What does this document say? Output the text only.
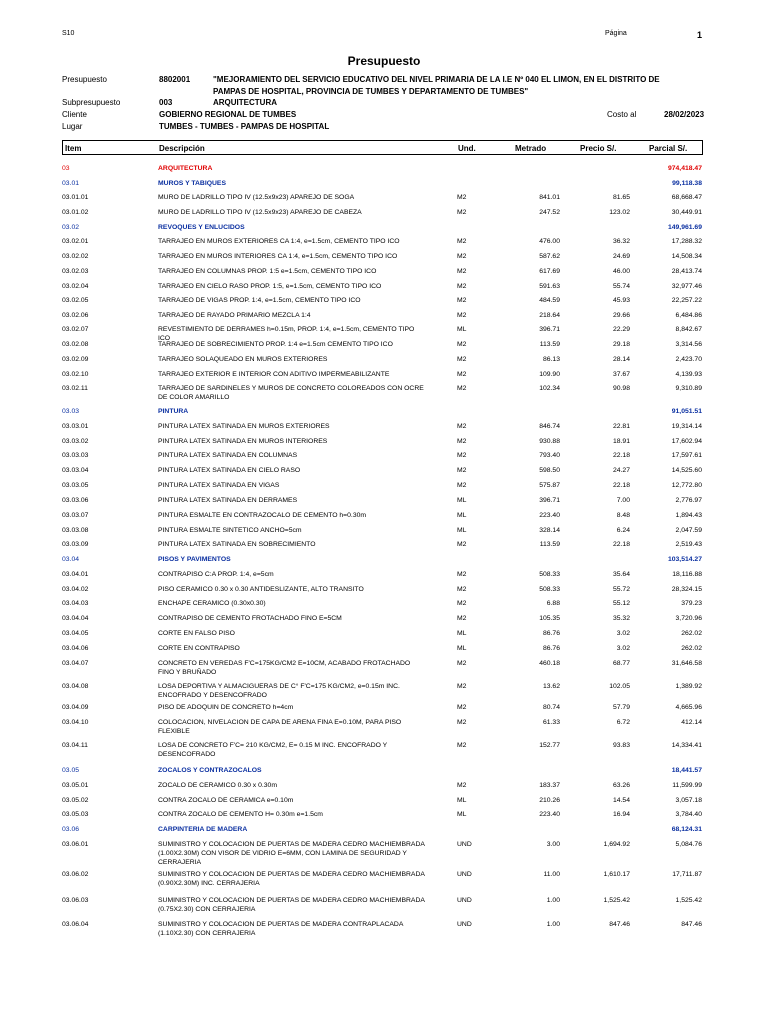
S10	Página	1
Presupuesto
Presupuesto	8802001	"MEJORAMIENTO DEL SERVICIO EDUCATIVO DEL NIVEL PRIMARIA DE LA I.E Nº 040 EL LIMON, EN EL DISTRITO DE
PAMPAS DE HOSPITAL, PROVINCIA DE TUMBES Y DEPARTAMENTO DE TUMBES"
Subpresupuesto	003	ARQUITECTURA
Cliente	GOBIERNO REGIONAL DE TUMBES	Costo al	28/02/2023
Lugar	TUMBES - TUMBES - PAMPAS DE HOSPITAL
Item	Descripción	Und.	Metrado	Precio S/.	Parcial S/.
03	ARQUITECTURA	974,418.47
03.01	MUROS Y TABIQUES	99,118.38
03.01.01	MURO DE LADRILLO TIPO IV (12.5x9x23) APAREJO DE SOGA	M2	841.01	81.65	68,668.47
03.01.02	MURO DE LADRILLO TIPO IV (12.5x9x23) APAREJO DE CABEZA	M2	247.52	123.02	30,449.91
03.02	REVOQUES Y ENLUCIDOS	149,961.69
03.02.01	TARRAJEO EN MUROS EXTERIORES CA 1:4, e=1.5cm, CEMENTO TIPO ICO	M2	476.00	36.32	17,288.32
03.02.02	TARRAJEO EN MUROS INTERIORES CA 1:4, e=1.5cm, CEMENTO TIPO ICO	M2	587.62	24.69	14,508.34
03.02.03	TARRAJEO EN COLUMNAS PROP. 1:5 e=1.5cm, CEMENTO TIPO ICO	M2	617.69	46.00	28,413.74
03.02.04	TARRAJEO EN CIELO RASO PROP. 1:5, e=1.5cm, CEMENTO TIPO ICO	M2	591.63	55.74	32,977.46
03.02.05	TARRAJEO DE VIGAS PROP. 1:4, e=1.5cm, CEMENTO TIPO ICO	M2	484.59	45.93	22,257.22
03.02.06	TARRAJEO DE RAYADO PRIMARIO MEZCLA 1:4	M2	218.64	29.66	6,484.86
03.02.07	REVESTIMIENTO DE DERRAMES h=0.15m, PROP. 1:4, e=1.5cm, CEMENTO TIPO ICO
ML	396.71	22.29	8,842.67
03.02.08	TARRAJEO DE SOBRECIMIENTO PROP. 1:4 e=1.5cm CEMENTO TIPO ICO	M2	113.59	29.18	3,314.56
03.02.09	TARRAJEO SOLAQUEADO EN MUROS EXTERIORES	M2	86.13	28.14	2,423.70
03.02.10	TARRAJEO EXTERIOR E INTERIOR CON ADITIVO IMPERMEABILIZANTE	M2	109.90	37.67	4,139.93
03.02.11	TARRAJEO DE SARDINELES Y MUROS DE CONCRETO COLOREADOS CON OCRE DE COLOR AMARILLO
M2	102.34	90.98	9,310.89
03.03	PINTURA	91,051.51
03.03.01	PINTURA LATEX SATINADA EN MUROS EXTERIORES	M2	846.74	22.81	19,314.14
03.03.02	PINTURA LATEX SATINADA EN MUROS INTERIORES	M2	930.88	18.91	17,602.94
03.03.03	PINTURA LATEX SATINADA EN COLUMNAS	M2	793.40	22.18	17,597.61
03.03.04	PINTURA LATEX SATINADA EN CIELO RASO	M2	598.50	24.27	14,525.60
03.03.05	PINTURA LATEX SATINADA EN VIGAS	M2	575.87	22.18	12,772.80
03.03.06	PINTURA LATEX SATINADA EN DERRAMES	ML	396.71	7.00	2,776.97
03.03.07	PINTURA ESMALTE EN CONTRAZOCALO DE CEMENTO h=0.30m	ML	223.40	8.48	1,894.43
03.03.08	PINTURA ESMALTE SINTETICO ANCHO=5cm	ML	328.14	6.24	2,047.59
03.03.09	PINTURA LATEX SATINADA EN SOBRECIMIENTO	M2	113.59	22.18	2,519.43
03.04	PISOS Y PAVIMENTOS	103,514.27
03.04.01	CONTRAPISO C:A PROP. 1:4, e=5cm	M2	508.33	35.64	18,116.88
03.04.02	PISO CERAMICO 0.30 x 0.30 ANTIDESLIZANTE, ALTO TRANSITO	M2	508.33	55.72	28,324.15
03.04.03	ENCHAPE CERAMICO (0.30x0.30)	M2	6.88	55.12	379.23
03.04.04	CONTRAPISO DE CEMENTO FROTACHADO FINO E=5CM	M2	105.35	35.32	3,720.96
03.04.05	CORTE EN FALSO PISO	ML	86.76	3.02	262.02
03.04.06	CORTE EN CONTRAPISO	ML	86.76	3.02	262.02
03.04.07	CONCRETO EN VEREDAS F'C=175KG/CM2 E=10CM, ACABADO FROTACHADO FINO Y BRUÑADO
M2	460.18	68.77	31,646.58
03.04.08	LOSA DEPORTIVA Y ALMACIGUERAS DE C° F'C=175 KG/CM2, e=0.15m INC. ENCOFRADO Y DESENCOFRADO
M2	13.62	102.05	1,389.92
03.04.09	PISO DE ADOQUIN DE CONCRETO h=4cm	M2	80.74	57.79	4,665.96
03.04.10	COLOCACION, NIVELACION DE CAPA DE ARENA FINA E=0.10M, PARA PISO FLEXIBLE
M2	61.33	6.72	412.14
03.04.11	LOSA DE CONCRETO F'C= 210 KG/CM2, E= 0.15 M INC. ENCOFRADO Y DESENCOFRADO
M2	152.77	93.83	14,334.41
03.05	ZOCALOS Y CONTRAZOCALOS	18,441.57
03.05.01	ZOCALO DE CERAMICO 0.30 x 0.30m	M2	183.37	63.26	11,599.99
03.05.02	CONTRA ZOCALO DE CERAMICA e=0.10m	ML	210.26	14.54	3,057.18
03.05.03	CONTRA ZOCALO DE CEMENTO H= 0.30m e=1.5cm	ML	223.40	16.94	3,784.40
03.06	CARPINTERIA DE MADERA	68,124.31
03.06.01	SUMINISTRO Y COLOCACION DE PUERTAS DE MADERA CEDRO MACHIEMBRADA (1.00X2.30M) CON VISOR DE VIDRIO E=6MM, CON LAMINA DE SEGURIDAD Y CERRAJERIA
UND	3.00	1,694.92	5,084.76
03.06.02	SUMINISTRO Y COLOCACION DE PUERTAS DE MADERA CEDRO MACHIEMBRADA (0.90X2.30M) INC. CERRAJERIA
UND	11.00	1,610.17	17,711.87
03.06.03	SUMINISTRO Y COLOCACION DE PUERTAS DE MADERA CEDRO MACHIEMBRADA (0.75X2.30) CON CERRAJERIA
UND	1.00	1,525.42	1,525.42
03.06.04	SUMINISTRO Y COLOCACION DE PUERTAS DE MADERA CONTRAPLACADA (1.10X2.30) CON CERRAJERIA
UND	1.00	847.46	847.46
